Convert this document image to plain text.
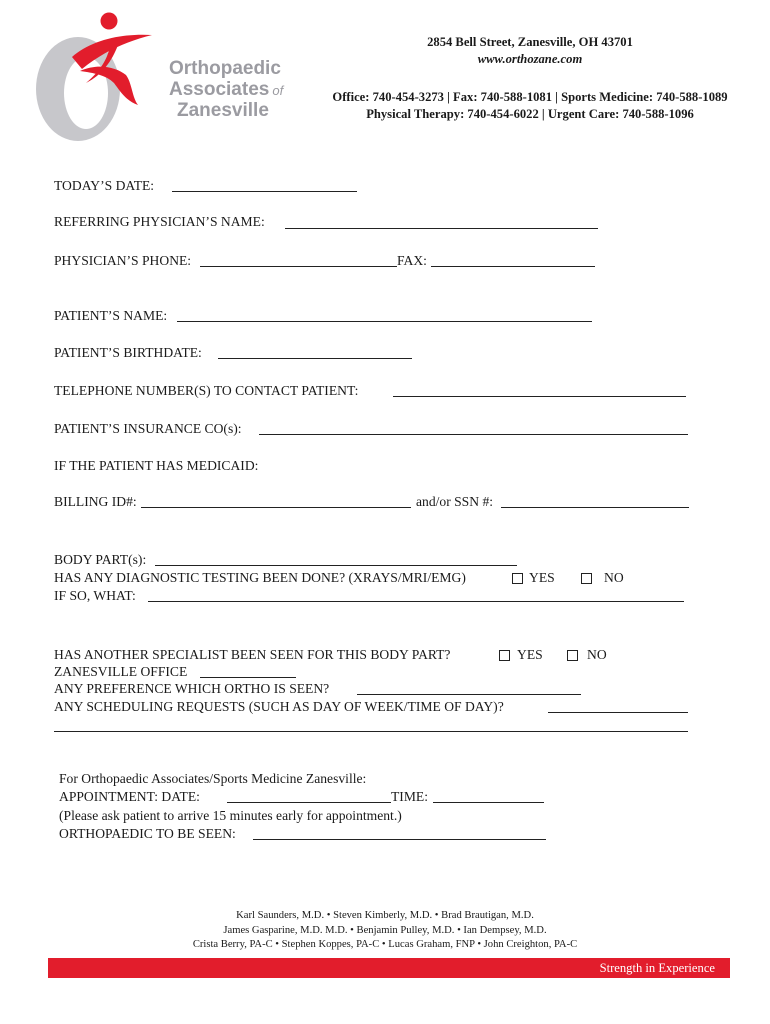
Orthopaedic
Associates of
Zanesville
2854 Bell Street, Zanesville, OH 43701
www.orthozane.com
Office: 740-454-3273 | Fax: 740-588-1081 | Sports Medicine: 740-588-1089
Physical Therapy: 740-454-6022 | Urgent Care: 740-588-1096
TODAY’S DATE:
REFERRING PHYSICIAN’S NAME:
PHYSICIAN’S PHONE:	FAX:
PATIENT’S NAME:
PATIENT’S BIRTHDATE:
TELEPHONE NUMBER(S) TO CONTACT PATIENT:
PATIENT’S INSURANCE CO(s):
IF THE PATIENT HAS MEDICAID:
BILLING ID#:	and/or SSN #:
BODY PART(s):
HAS ANY DIAGNOSTIC TESTING BEEN DONE? (XRAYS/MRI/EMG)	YES	NO
IF SO, WHAT:
HAS ANOTHER SPECIALIST BEEN SEEN FOR THIS BODY PART?	YES	NO
ZANESVILLE OFFICE
ANY PREFERENCE WHICH ORTHO IS SEEN?
ANY SCHEDULING REQUESTS (SUCH AS DAY OF WEEK/TIME OF DAY)?
For Orthopaedic Associates/Sports Medicine Zanesville:
APPOINTMENT: DATE:	TIME:
(Please ask patient to arrive 15 minutes early for appointment.)
ORTHOPAEDIC TO BE SEEN:
Karl Saunders, M.D. • Steven Kimberly, M.D. • Brad Brautigan, M.D.
James Gasparine, M.D. M.D. • Benjamin Pulley, M.D. • Ian Dempsey, M.D.
Crista Berry, PA-C • Stephen Koppes, PA-C • Lucas Graham, FNP • John Creighton, PA-C
Strength in Experience
